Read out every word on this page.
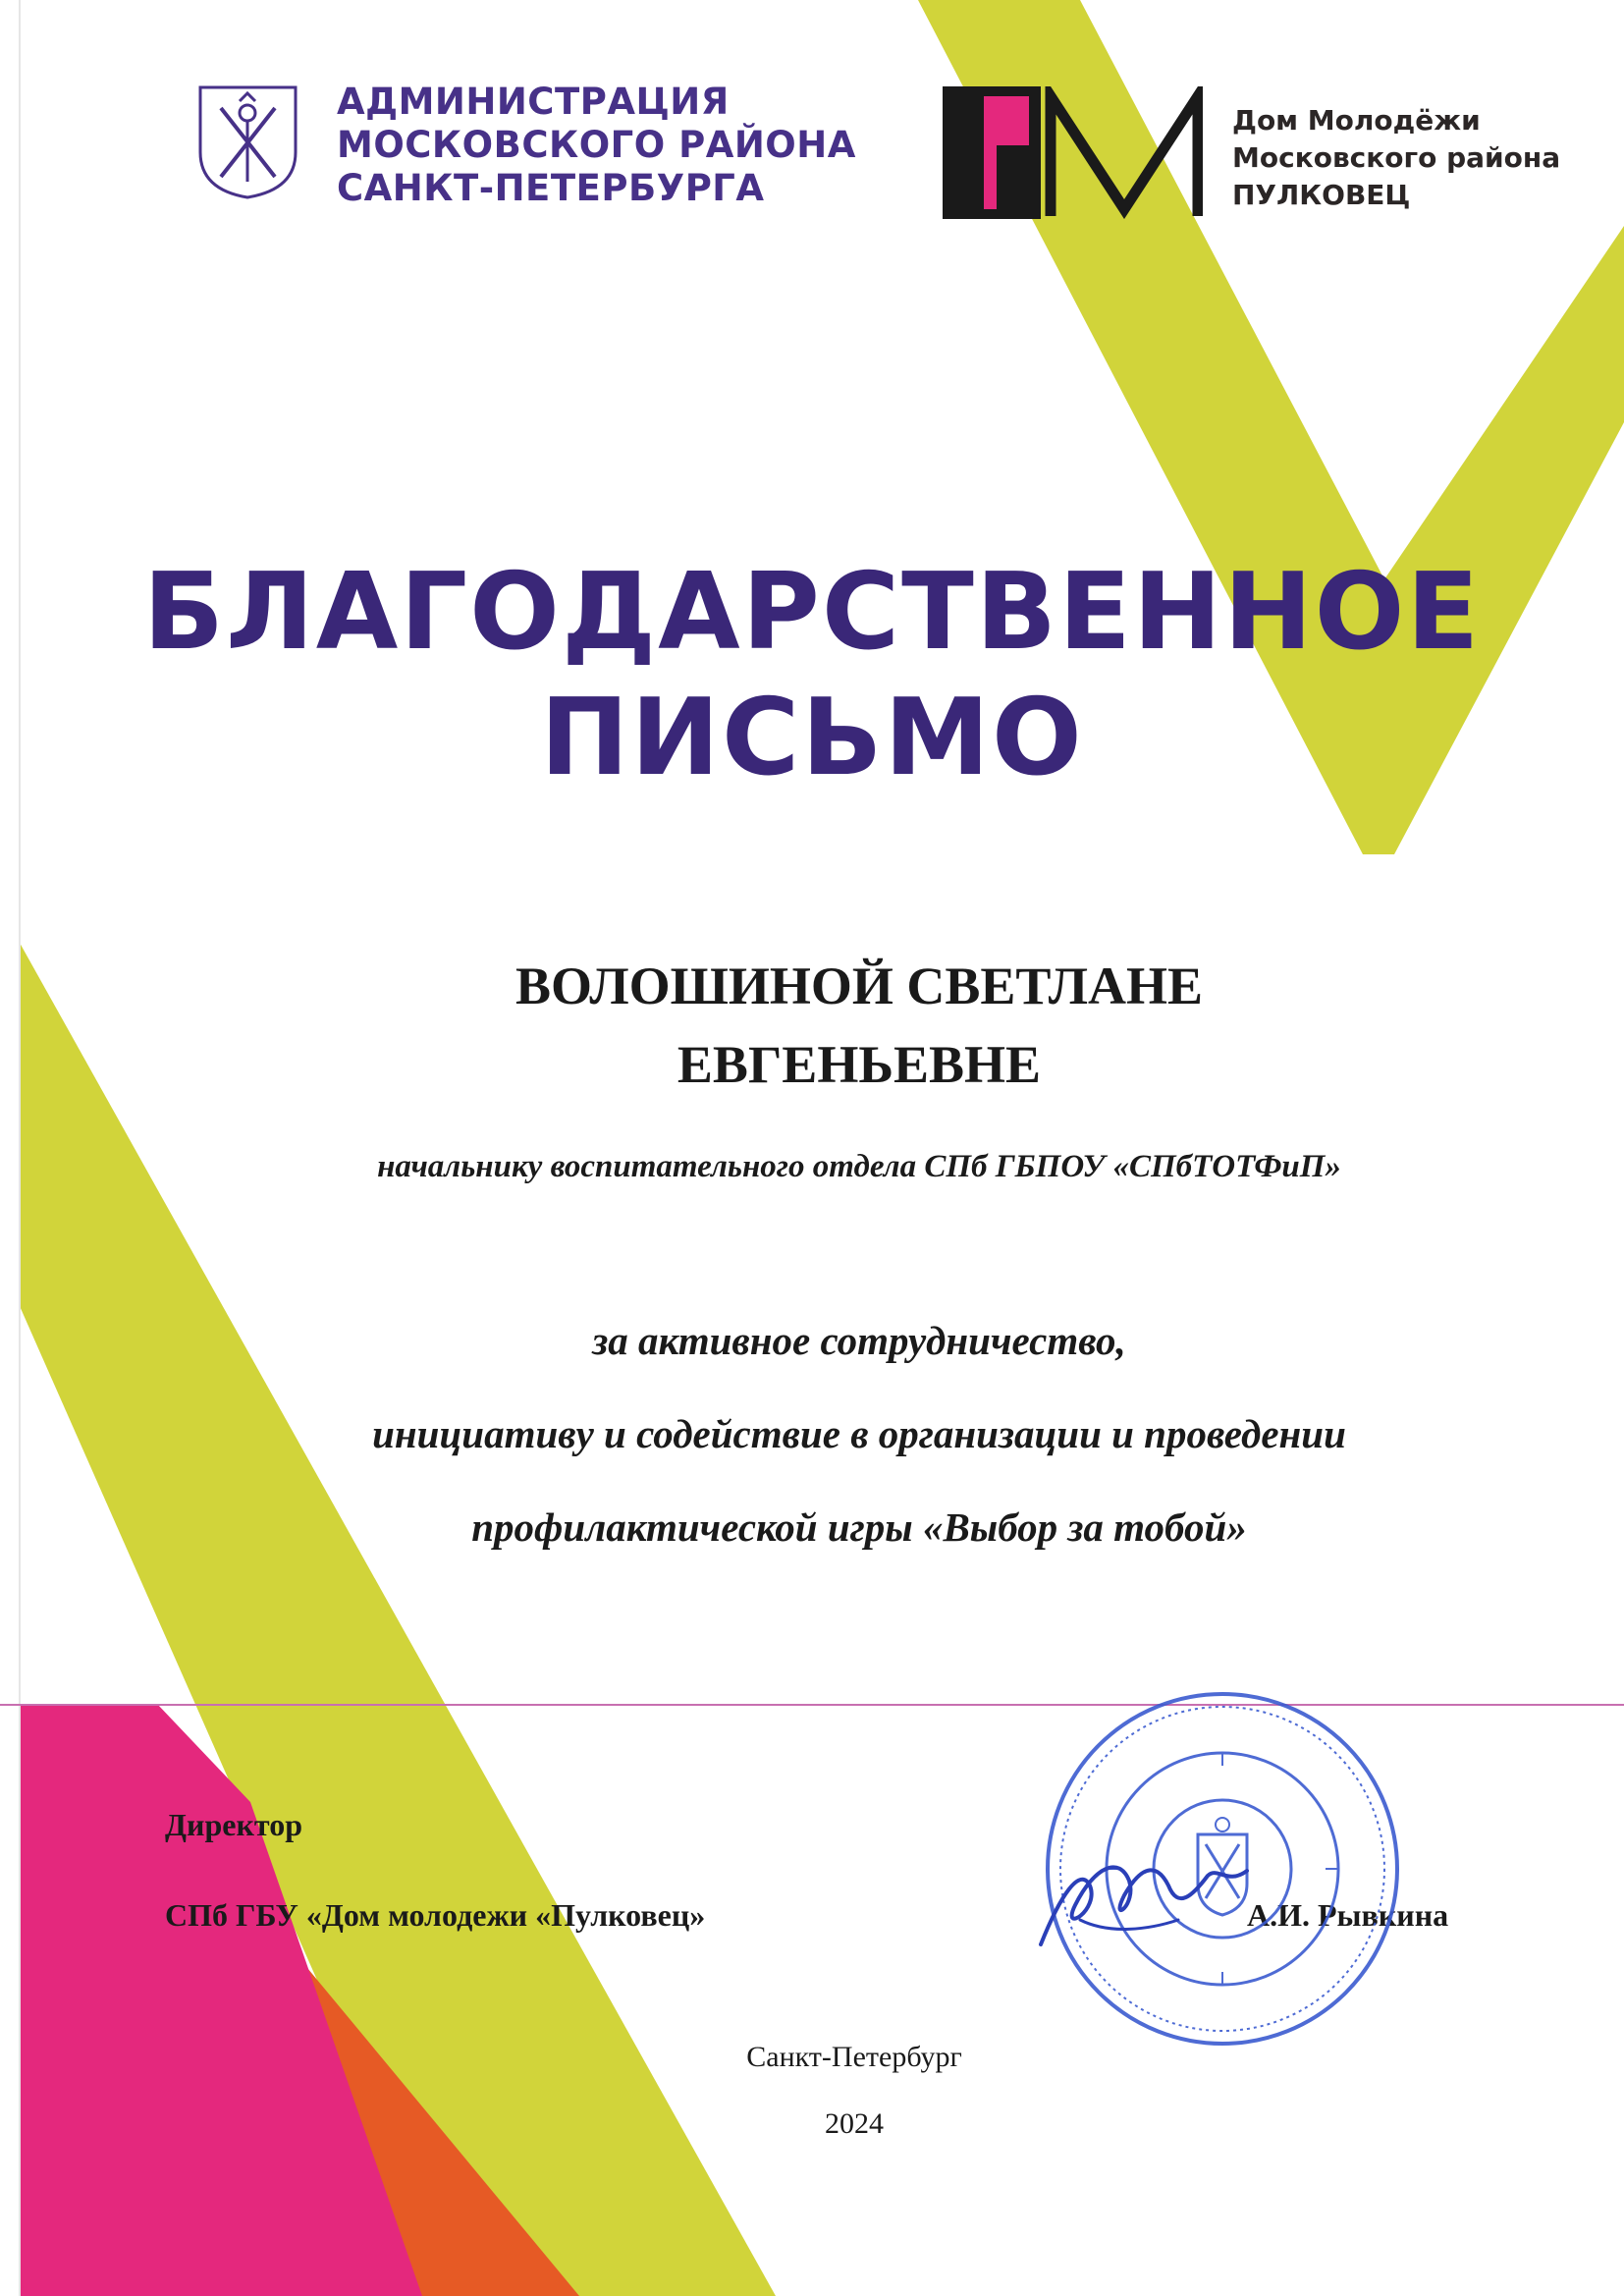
АДМИНИСТРАЦИЯ
МОСКОВСКОГО РАЙОНА
САНКТ-ПЕТЕРБУРГА
Дом Молодёжи
Московского района
ПУЛКОВЕЦ
БЛАГОДАРСТВЕННОЕ
ПИСЬМО
ВОЛОШИНОЙ СВЕТЛАНЕ
ЕВГЕНЬЕВНЕ
начальнику воспитательного отдела СПб ГБПОУ «СПбТОТФиП»
за активное сотрудничество,
инициативу и содействие в организации и проведении
профилактической игры «Выбор за тобой»
Директор
СПб ГБУ «Дом молодежи «Пулковец»	А.И. Рывкина
Санкт-Петербург
2024
